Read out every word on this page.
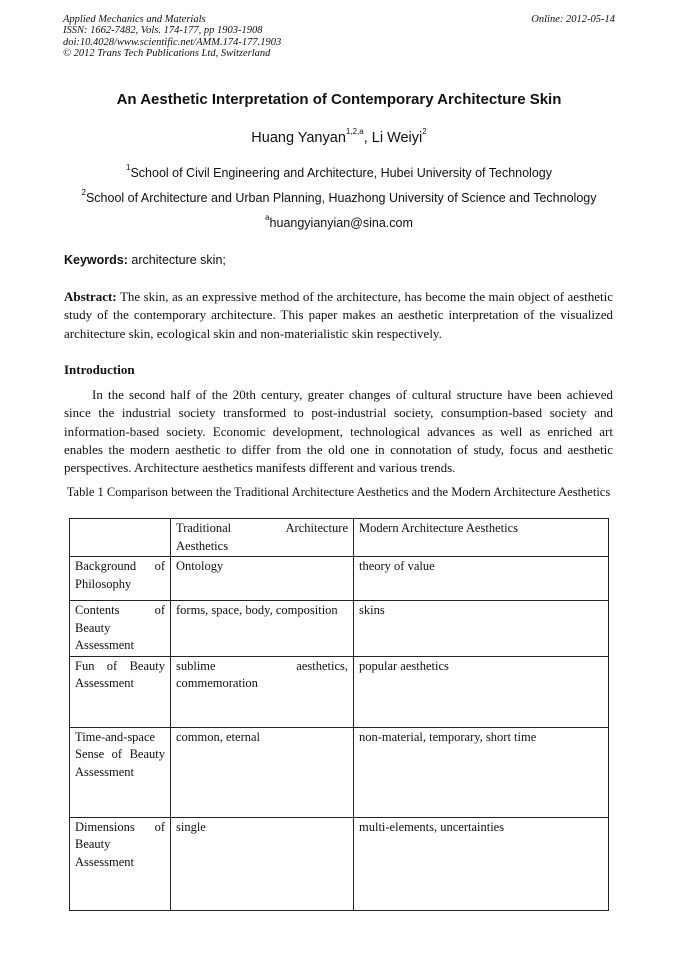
Applied Mechanics and Materials
ISSN: 1662-7482, Vols. 174-177, pp 1903-1908
doi:10.4028/www.scientific.net/AMM.174-177.1903
© 2012 Trans Tech Publications Ltd, Switzerland
Online: 2012-05-14
An Aesthetic Interpretation of Contemporary Architecture Skin
Huang Yanyan$^{1,2,a}$, Li Weiyi$^2$
$^1$School of Civil Engineering and Architecture, Hubei University of Technology
$^2$School of Architecture and Urban Planning, Huazhong University of Science and Technology
$^a$huangyianyian@sina.com
Keywords: architecture skin;
Abstract: The skin, as an expressive method of the architecture, has become the main object of aesthetic study of the contemporary architecture. This paper makes an aesthetic interpretation of the visualized architecture skin, ecological skin and non-materialistic skin respectively.
Introduction
In the second half of the 20th century, greater changes of cultural structure have been achieved since the industrial society transformed to post-industrial society, consumption-based society and information-based society. Economic development, technological advances as well as enriched art enables the modern aesthetic to differ from the old one in connotation of study, focus and aesthetic perspectives. Architecture aesthetics manifests different and various trends.
Table 1 Comparison between the Traditional Architecture Aesthetics and the Modern Architecture Aesthetics
	Traditional Architecture Aesthetics	Modern Architecture Aesthetics
Background of Philosophy	Ontology	theory of value
Contents of Beauty Assessment	forms, space, body, composition	skins
Fun of Beauty Assessment	sublime aesthetics, commemoration	popular aesthetics
Time-and-space Sense of Beauty Assessment	common, eternal	non-material, temporary, short time
Dimensions of Beauty Assessment	single	multi-elements, uncertainties
